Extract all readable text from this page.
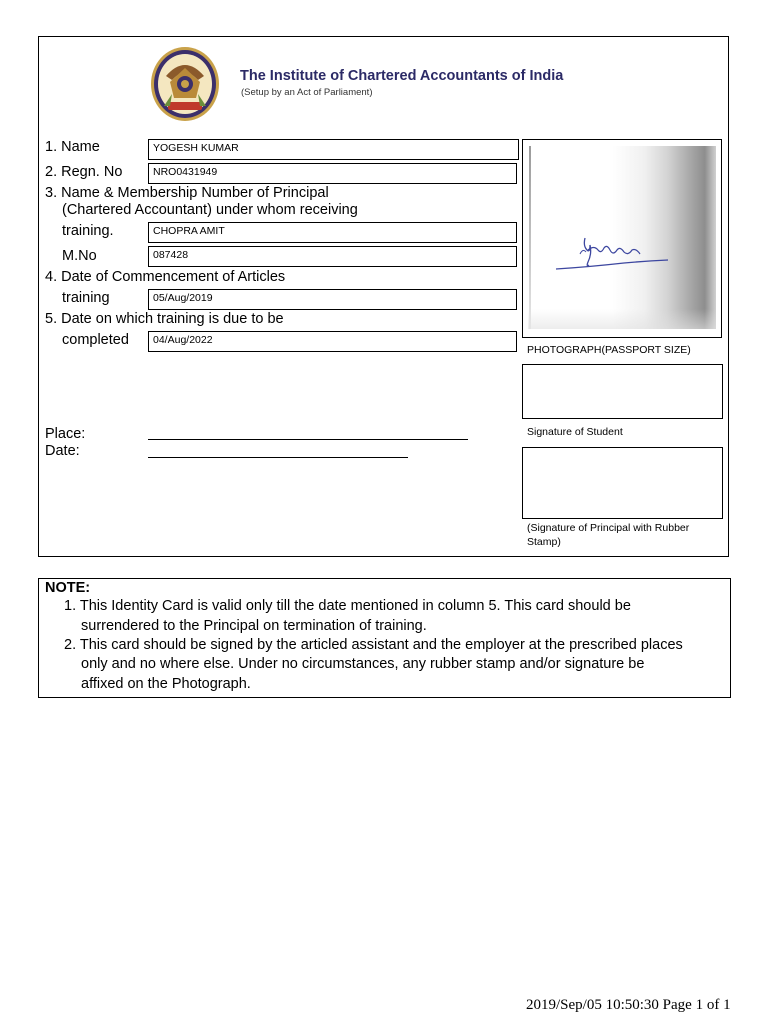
The Institute of Chartered Accountants of India
(Setup by an Act of Parliament)
1. Name	YOGESH KUMAR
2. Regn. No	NRO0431949
3. Name & Membership Number of Principal
(Chartered Accountant) under whom receiving
training.	CHOPRA AMIT
M.No	087428
4. Date of Commencement of Articles
training	05/Aug/2019
5. Date on which training is due to be
completed	04/Aug/2022
PHOTOGRAPH(PASSPORT SIZE)
Signature of Student
(Signature of Principal with Rubber
Stamp)
Place:
Date:
NOTE:
1. This Identity Card is valid only till the date mentioned in column 5. This card should be
surrendered to the Principal on termination of training.
2. This card should be signed by the articled assistant and the employer at the prescribed places
only and no where else. Under no circumstances, any rubber stamp and/or signature be
affixed on the Photograph.
2019/Sep/05 10:50:30 Page 1 of 1
